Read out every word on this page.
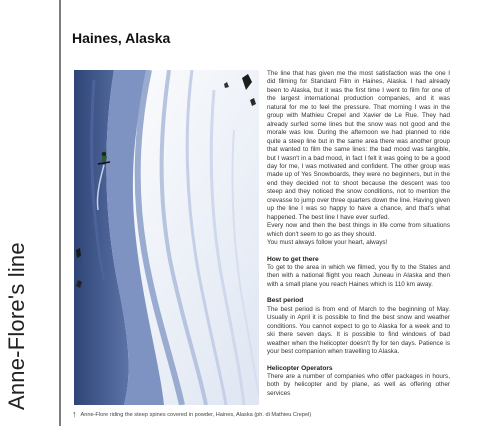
Anne-Flore's line
Haines, Alaska
↑ Anne-Flore riding the steep spines covered in powder, Haines, Alaska (ph. di Mathieu Crepel)

The line that has given me the most satisfaction was the one I did filming for Standard Film in Haines, Alaska. I had already been to Alaska, but it was the first time I went to film for one of the largest international production companies, and it was natural for me to feel the pressure. That morning I was in the group with Mathieu Crepel and Xavier de Le Rue. They had already surfed some lines but the snow was not good and the morale was low. During the afternoon we had planned to ride quite a steep line but in the same area there was another group that wanted to film the same lines: the bad mood was tangible, but I wasn't in a bad mood, in fact I felt it was going to be a good day for me, I was motivated and confident. The other group was made up of Yes Snowboards, they were no beginners, but in the end they decided not to shoot because the descent was too steep and they noticed the snow conditions, not to mention the crevasse to jump over three quarters down the line. Having given up the line I was so happy to have a chance, and that's what happened. The best line I have ever surfed.

Every now and then the best things in life come from situations which don't seem to go as they should.

You must always follow your heart, always!

How to get there

To get to the area in which we filmed, you fly to the States and then with a national flight you reach Juneau in Alaska and then with a small plane you reach Haines which is 110 km away.

Best period

The best period is from end of March to the beginning of May. Usually in April it is possible to find the best snow and weather conditions. You cannot expect to go to Alaska for a week and to ski there seven days. It is possible to find windows of bad weather when the helicopter doesn't fly for ten days. Patience is your best companion when travelling to Alaska.

Helicopter Operators

There are a number of companies who offer packages in hours, both by helicopter and by plane, as well as offering other services
